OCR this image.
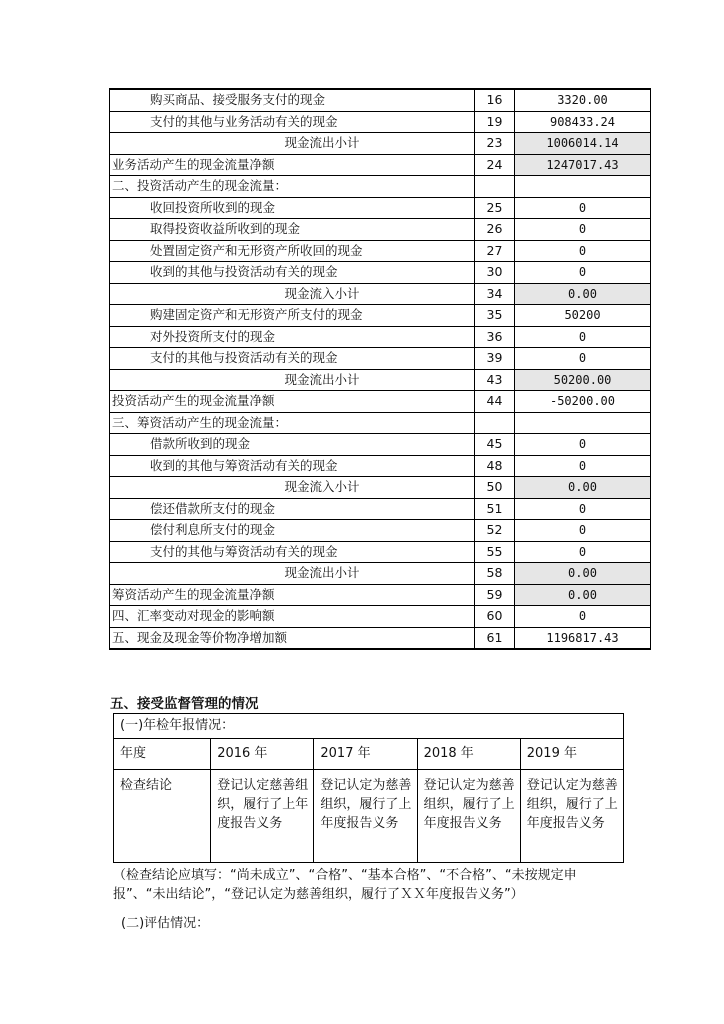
购买商品、接受服务支付的现金	16	3320.00
支付的其他与业务活动有关的现金	19	908433.24
现金流出小计	23	1006014.14
业务活动产生的现金流量净额	24	1247017.43
二、投资活动产生的现金流量：		
收回投资所收到的现金	25	0
取得投资收益所收到的现金	26	0
处置固定资产和无形资产所收回的现金	27	0
收到的其他与投资活动有关的现金	30	0
现金流入小计	34	0.00
购建固定资产和无形资产所支付的现金	35	50200
对外投资所支付的现金	36	0
支付的其他与投资活动有关的现金	39	0
现金流出小计	43	50200.00
投资活动产生的现金流量净额	44	-50200.00
三、筹资活动产生的现金流量：		
借款所收到的现金	45	0
收到的其他与筹资活动有关的现金	48	0
现金流入小计	50	0.00
偿还借款所支付的现金	51	0
偿付利息所支付的现金	52	0
支付的其他与筹资活动有关的现金	55	0
现金流出小计	58	0.00
筹资活动产生的现金流量净额	59	0.00
四、汇率变动对现金的影响额	60	0
五、现金及现金等价物净增加额	61	1196817.43
五、接受监督管理的情况
(一)年检年报情况：				
年度	2016 年	2017 年	2018 年	2019 年
检查结论	登记认定慈善组织，履行了上年度报告义务	登记认定为慈善组织，履行了上年度报告义务	登记认定为慈善组织，履行了上年度报告义务	登记认定为慈善组织，履行了上年度报告义务
（检查结论应填写：“尚未成立”、“合格”、“基本合格”、“不合格”、“未按规定申报”、“未出结论”，“登记认定为慈善组织，履行了ＸＸ年度报告义务”）
(二)评估情况：
